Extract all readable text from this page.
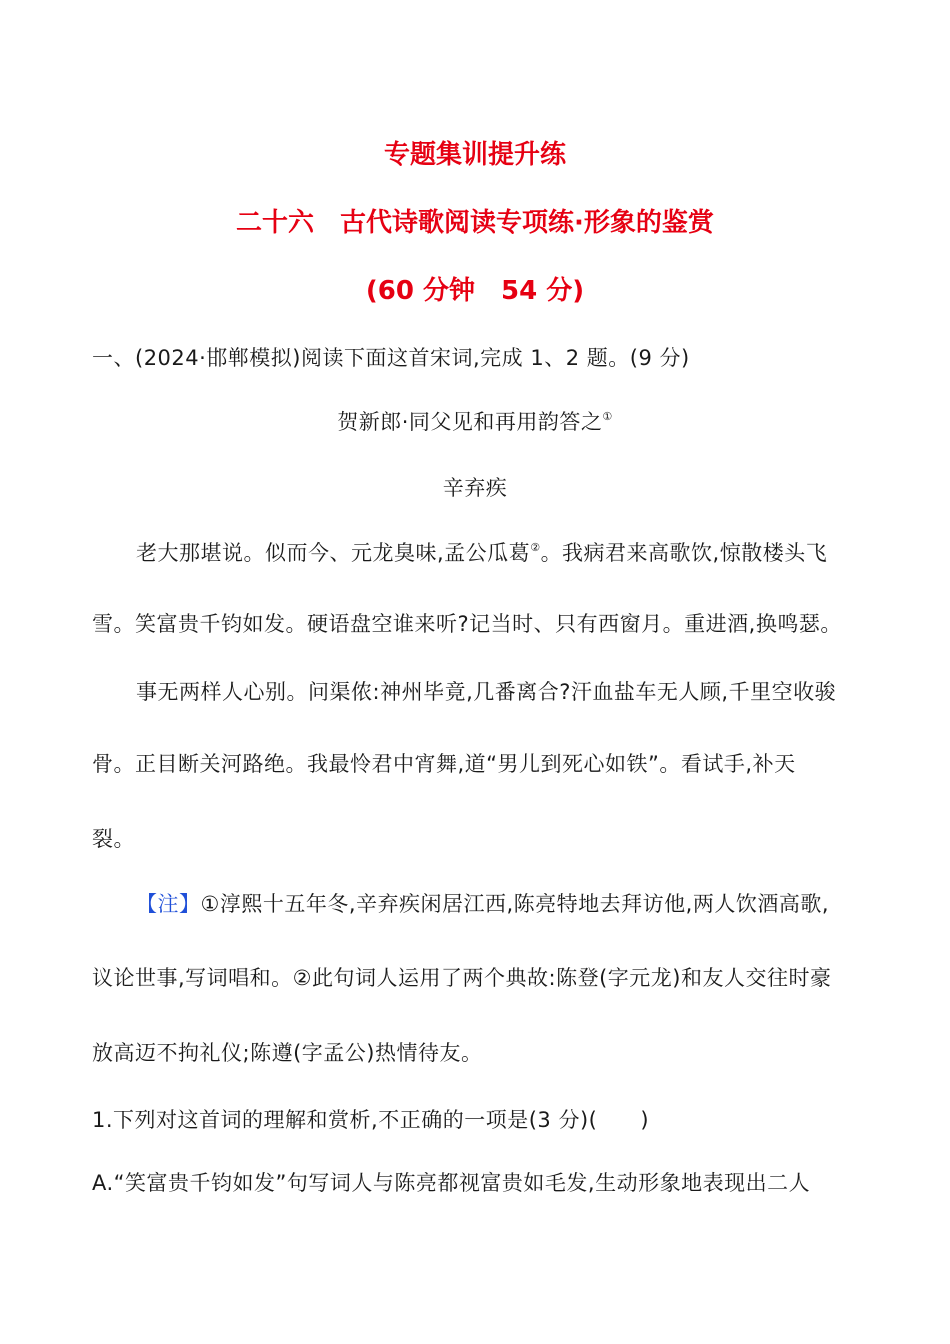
专题集训提升练
二十六　古代诗歌阅读专项练·形象的鉴赏
(60 分钟　54 分)
一、(2024·邯郸模拟)阅读下面这首宋词,完成 1、2 题。(9 分)
贺新郎·同父见和再用韵答之①
辛弃疾
老大那堪说。似而今、元龙臭味,孟公瓜葛②。我病君来高歌饮,惊散楼头飞
雪。笑富贵千钧如发。硬语盘空谁来听?记当时、只有西窗月。重进酒,换鸣瑟。
事无两样人心别。问渠侬:神州毕竟,几番离合?汗血盐车无人顾,千里空收骏
骨。正目断关河路绝。我最怜君中宵舞,道“男儿到死心如铁”。看试手,补天
裂。
【注】①淳熙十五年冬,辛弃疾闲居江西,陈亮特地去拜访他,两人饮酒高歌,
议论世事,写词唱和。②此句词人运用了两个典故:陈登(字元龙)和友人交往时豪
放高迈不拘礼仪;陈遵(字孟公)热情待友。
1.下列对这首词的理解和赏析,不正确的一项是(3 分)(　　)
A.“笑富贵千钧如发”句写词人与陈亮都视富贵如毛发,生动形象地表现出二人
